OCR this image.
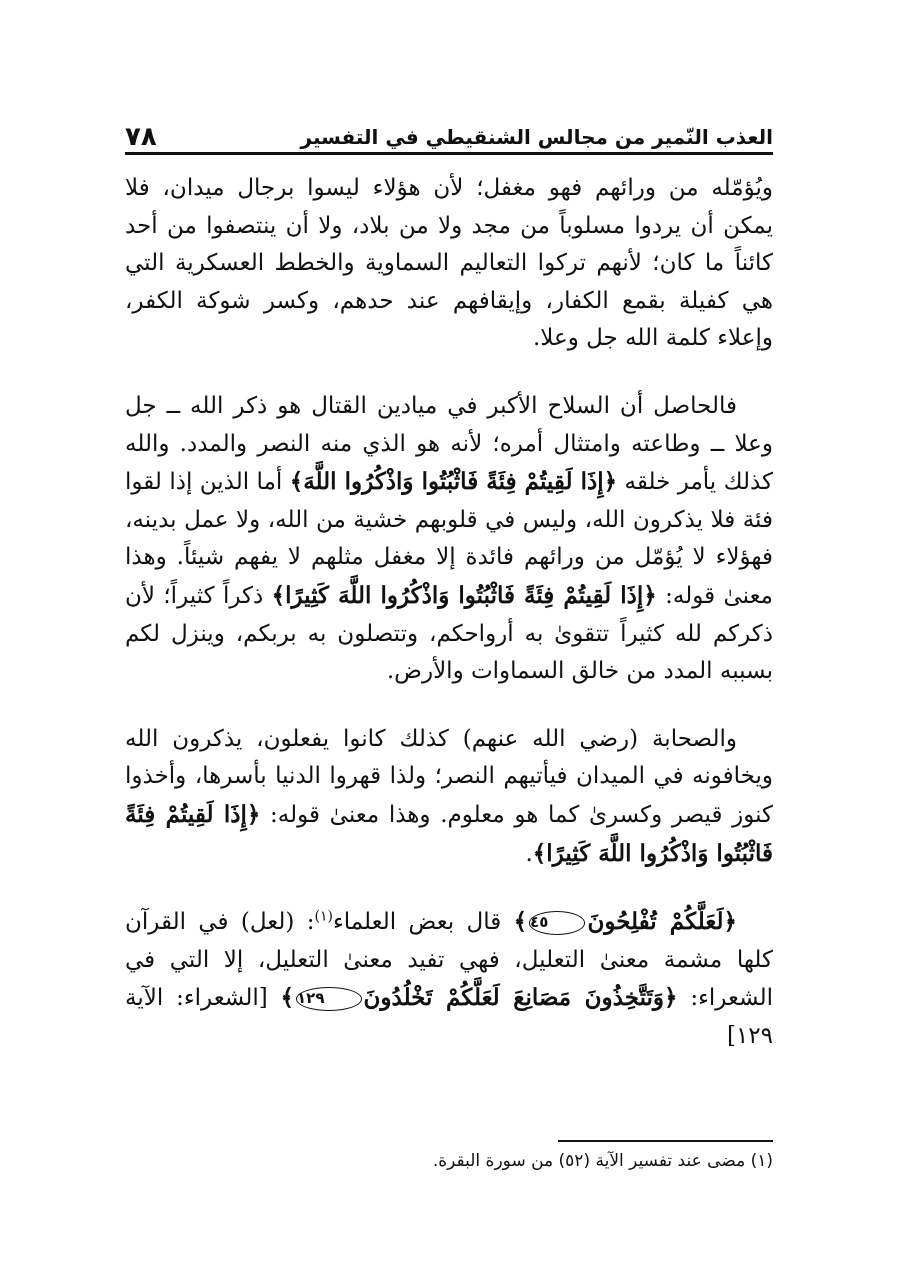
العذب النّمير من مجالس الشنقيطي في التفسير
٧٨

ويُؤمّله من ورائهم فهو مغفل؛ لأن هؤلاء ليسوا برجال ميدان، فلا يمكن أن يردوا مسلوباً من مجد ولا من بلاد، ولا أن ينتصفوا من أحد كائناً ما كان؛ لأنهم تركوا التعاليم السماوية والخطط العسكرية التي هي كفيلة بقمع الكفار، وإيقافهم عند حدهم، وكسر شوكة الكفر، وإعلاء كلمة الله جل وعلا.

فالحاصل أن السلاح الأكبر في ميادين القتال هو ذكر الله ــ جل وعلا ــ وطاعته وامتثال أمره؛ لأنه هو الذي منه النصر والمدد. والله كذلك يأمر خلقه ﴿إِذَا لَقِيتُمْ فِئَةً فَاثْبُتُوا وَاذْكُرُوا اللَّهَ﴾ أما الذين إذا لقوا فئة فلا يذكرون الله، وليس في قلوبهم خشية من الله، ولا عمل بدينه، فهؤلاء لا يُؤمّل من ورائهم فائدة إلا مغفل مثلهم لا يفهم شيئاً. وهذا معنىٰ قوله: ﴿إِذَا لَقِيتُمْ فِئَةً فَاثْبُتُوا وَاذْكُرُوا اللَّهَ كَثِيرًا﴾ ذكراً كثيراً؛ لأن ذكركم لله كثيراً تتقوىٰ به أرواحكم، وتتصلون به بربكم، وينزل لكم بسببه المدد من خالق السماوات والأرض.

والصحابة (رضي الله عنهم) كذلك كانوا يفعلون، يذكرون الله ويخافونه في الميدان فيأتيهم النصر؛ ولذا قهروا الدنيا بأسرها، وأخذوا كنوز قيصر وكسرىٰ كما هو معلوم. وهذا معنىٰ قوله: ﴿إِذَا لَقِيتُمْ فِئَةً فَاثْبُتُوا وَاذْكُرُوا اللَّهَ كَثِيرًا﴾.

﴿لَعَلَّكُمْ تُفْلِحُونَ٤٥﴾ قال بعض العلماء$^{(١)}$: (لعل) في القرآن كلها مشمة معنىٰ التعليل، فهي تفيد معنىٰ التعليل، إلا التي في الشعراء: ﴿وَتَتَّخِذُونَ مَصَانِعَ لَعَلَّكُمْ تَخْلُدُونَ١٢٩﴾ [الشعراء: الآية ١٢٩]

(١) مضى عند تفسير الآية (٥٢) من سورة البقرة.
